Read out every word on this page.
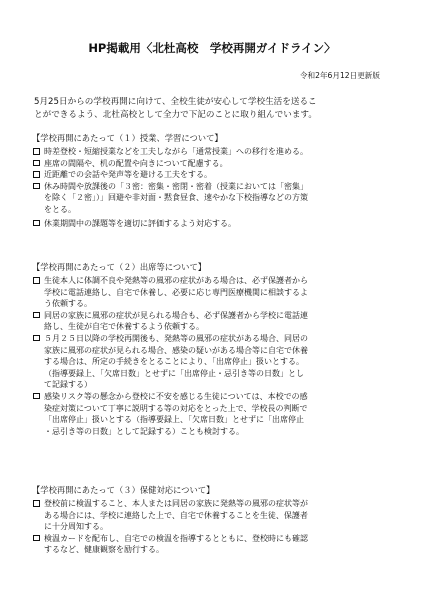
HP掲載用〈北杜高校　学校再開ガイドライン〉
令和2年6月12日更新版

5月25日からの学校再開に向けて、全校生徒が安心して学校生活を送るこ

とができるよう、北杜高校として全力で下記のことに取り組んでいます。

【学校再開にあたって（１）授業、学習について】
時差登校・短縮授業などを工夫しながら「通常授業」への移行を進める。
座席の間隔や、机の配置や向きについて配慮する。
近距離での会話や発声等を避ける工夫をする。
休み時間や放課後の「３密：密集・密閉・密着（授業においては「密集」
を除く「２密」）」回避や非対面・黙食昼食、速やかな下校指導などの方策
をとる。
休業期間中の課題等を適切に評価するよう対応する。
【学校再開にあたって（２）出席等について】
生徒本人に体調不良や発熱等の風邪の症状がある場合は、必ず保護者から
学校に電話連絡し、自宅で休養し、必要に応じ専門医療機関に相談するよ
う依頼する。
同居の家族に風邪の症状が見られる場合も、必ず保護者から学校に電話連
絡し、生徒が自宅で休養するよう依頼する。
５月２５日以降の学校再開後も、発熱等の風邪の症状がある場合、同居の
家族に風邪の症状が見られる場合、感染の疑いがある場合等に自宅で休養
する場合は、所定の手続きをとることにより、「出席停止」扱いとする。
（指導要録上、「欠席日数」とせずに「出席停止・忌引き等の日数」とし
て記録する）
感染リスク等の懸念から登校に不安を感じる生徒については、本校での感
染症対策について丁寧に説明する等の対応をとった上で、学校長の判断で
「出席停止」扱いとする（指導要録上、「欠席日数」とせずに「出席停止
・忌引き等の日数」として記録する）ことも検討する。
【学校再開にあたって（３）保健対応について】
登校前に検温すること、本人または同居の家族に発熱等の風邪の症状等が
ある場合には、学校に連絡した上で、自宅で休養することを生徒、保護者
に十分周知する。
検温カードを配布し、自宅での検温を指導するとともに、登校時にも確認
するなど、健康観察を励行する。
